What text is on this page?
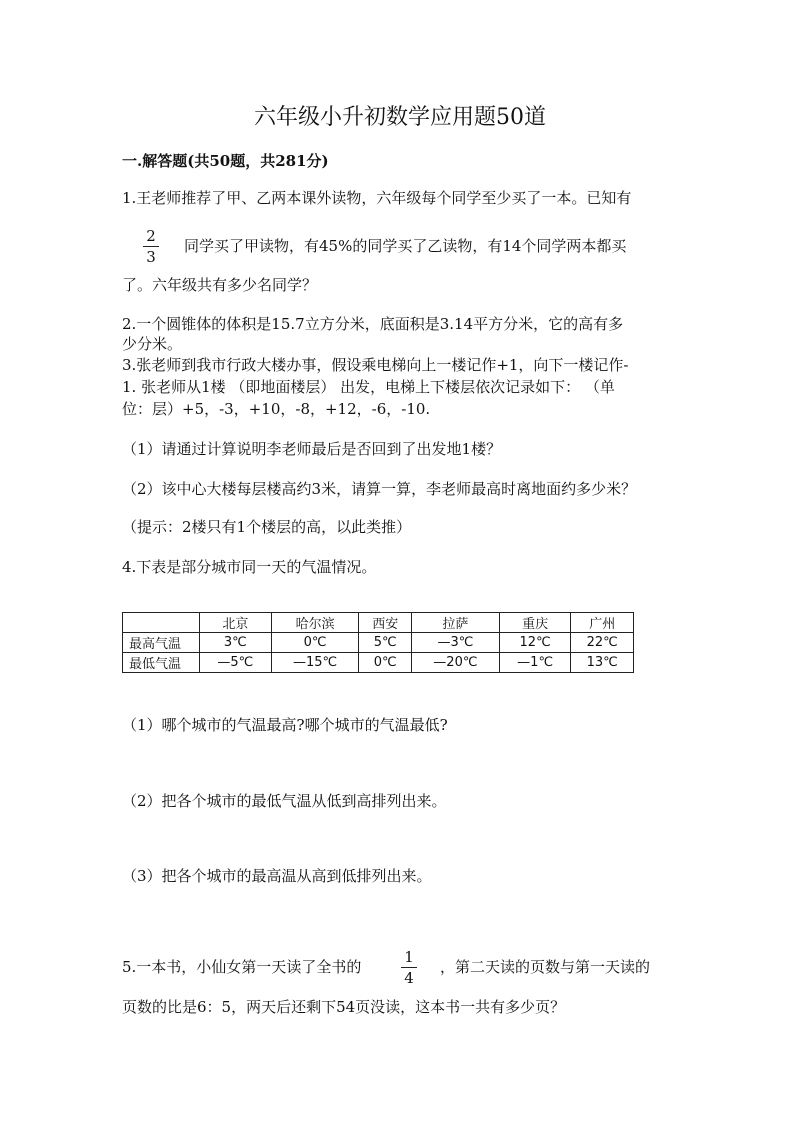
六年级小升初数学应用题50道
一.解答题(共50题，共281分)
1.王老师推荐了甲、乙两本课外读物，六年级每个同学至少买了一本。已知有
2
3
同学买了甲读物，有45%的同学买了乙读物，有14个同学两本都买
了。六年级共有多少名同学？
2.一个圆锥体的体积是15.7立方分米，底面积是3.14平方分米，它的高有多
少分米。
3.张老师到我市行政大楼办事，假设乘电梯向上一楼记作+1，向下一楼记作-
1. 张老师从1楼 （即地面楼层） 出发，电梯上下楼层依次记录如下： （单
位：层）+5，-3，+10，-8，+12，-6，-10.
（1）请通过计算说明李老师最后是否回到了出发地1楼？
（2）该中心大楼每层楼高约3米，请算一算，李老师最高时离地面约多少米？
（提示：2楼只有1个楼层的高，以此类推）
4.下表是部分城市同一天的气温情况。
	北京	哈尔滨	西安	拉萨	重庆	广州
最高气温	3℃	0℃	5℃	—3℃	12℃	22℃
最低气温	—5℃	—15℃	0℃	—20℃	—1℃	13℃
（1）哪个城市的气温最高?哪个城市的气温最低?
（2）把各个城市的最低气温从低到高排列出来。
（3）把各个城市的最高温从高到低排列出来。
5.一本书，小仙女第一天读了全书的
1
4
，第二天读的页数与第一天读的
页数的比是6：5，两天后还剩下54页没读，这本书一共有多少页？
